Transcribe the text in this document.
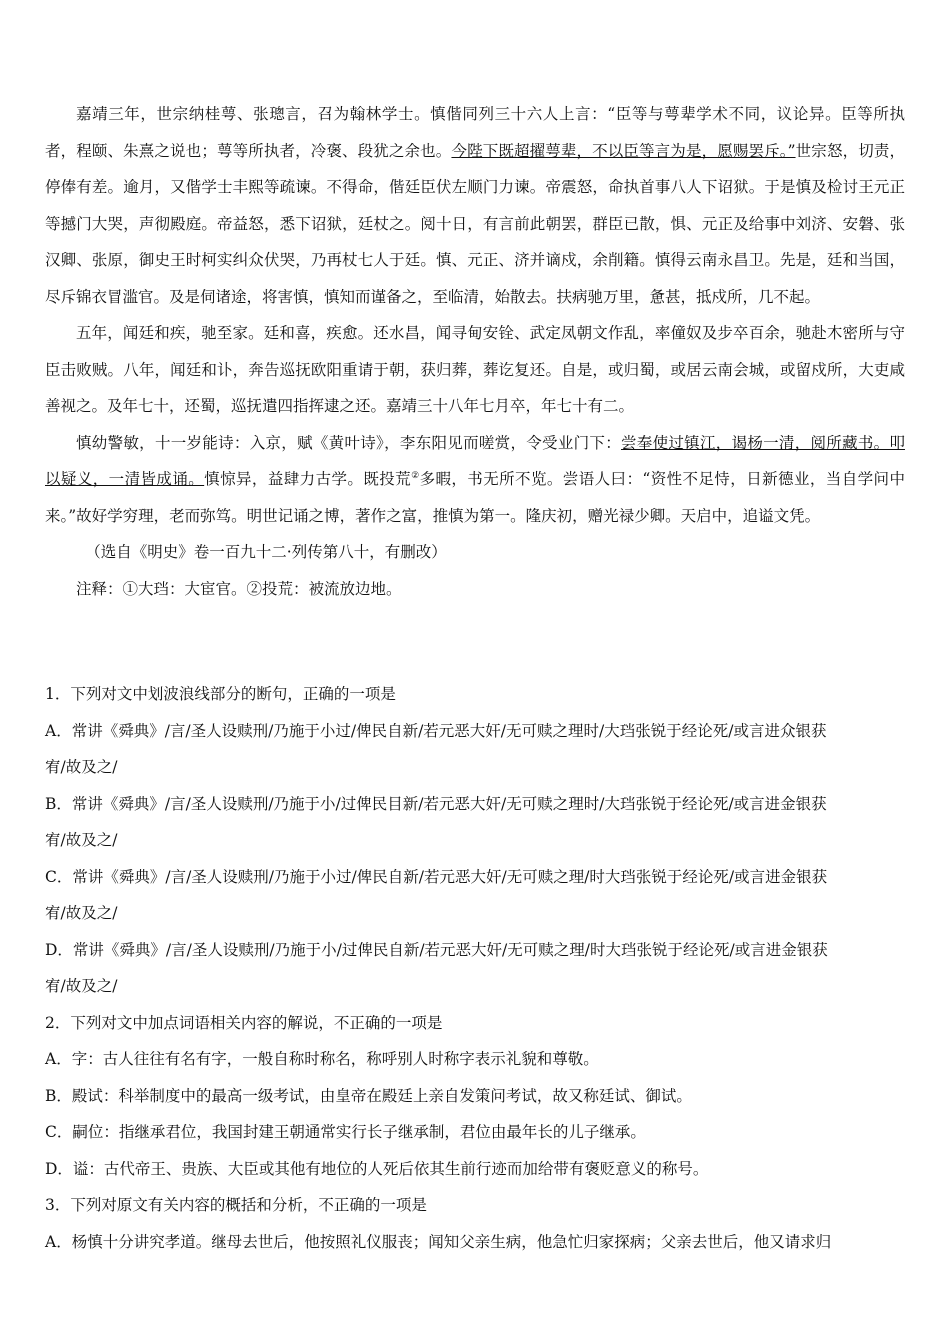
嘉靖三年，世宗纳桂萼、张璁言，召为翰林学士。慎偕同列三十六人上言：“臣等与萼辈学术不同，议论异。臣等所执者，程颐、朱熹之说也；萼等所执者，冷褒、段犹之余也。今陛下既超擢萼辈，不以臣等言为是，愿赐罢斥。”世宗怒，切责，停俸有差。逾月，又偕学士丰熙等疏谏。不得命，偕廷臣伏左顺门力谏。帝震怒，命执首事八人下诏狱。于是慎及检讨王元正等撼门大哭，声彻殿庭。帝益怒，悉下诏狱，廷杖之。阅十日，有言前此朝罢，群臣已散，惧、元正及给事中刘济、安磐、张汉卿、张原，御史王时柯实纠众伏哭，乃再杖七人于廷。慎、元正、济并谪戍，余削籍。慎得云南永昌卫。先是，廷和当国，尽斥锦衣冒滥官。及是伺诸途，将害慎，慎知而谨备之，至临清，始散去。扶病驰万里，惫甚，抵戍所，几不起。

五年，闻廷和疾，驰至家。廷和喜，疾愈。还水昌，闻寻甸安铨、武定凤朝文作乱，率僮奴及步卒百余，驰赴木密所与守臣击败贼。八年，闻廷和讣，奔告巡抚欧阳重请于朝，获归葬，葬讫复还。自是，或归蜀，或居云南会城，或留戍所，大吏咸善视之。及年七十，还蜀，巡抚遣四指挥逮之还。嘉靖三十八年七月卒，年七十有二。

慎幼警敏，十一岁能诗：入京，赋《黄叶诗》，李东阳见而嗟赏，令受业门下：尝奉使过镇江，谒杨一清，阅所藏书。叩以疑义，一清皆成诵。慎惊异，益肆力古学。既投荒②多暇，书无所不览。尝语人曰：“资性不足恃，日新德业，当自学问中来。”故好学穷理，老而弥笃。明世记诵之博，著作之富，推慎为第一。隆庆初，赠光禄少卿。天启中，追谥文凭。

（选自《明史》卷一百九十二·列传第八十，有删改）

注释：①大珰：大宦官。②投荒：被流放边地。

1．下列对文中划波浪线部分的断句，正确的一项是

A．常讲《舜典》/言/圣人设赎刑/乃施于小过/俾民自新/若元恶大奸/无可赎之理时/大珰张锐于经论死/或言进众银获
宥/故及之/

B．常讲《舜典》/言/圣人设赎刑/乃施于小/过俾民目新/若元恶大奸/无可赎之理时/大珰张锐于经论死/或言进金银获
宥/故及之/

C．常讲《舜典》/言/圣人设赎刑/乃施于小过/俾民自新/若元恶大奸/无可赎之理/时大珰张锐于经论死/或言进金银获
宥/故及之/

D．常讲《舜典》/言/圣人设赎刑/乃施于小/过俾民自新/若元恶大奸/无可赎之理/时大珰张锐于经论死/或言进金银获
宥/故及之/

2．下列对文中加点词语相关内容的解说，不正确的一项是

A．字：古人往往有名有字，一般自称时称名，称呼别人时称字表示礼貌和尊敬。

B．殿试：科举制度中的最高一级考试，由皇帝在殿廷上亲自发策问考试，故又称廷试、御试。

C．嗣位：指继承君位，我国封建王朝通常实行长子继承制，君位由最年长的儿子继承。

D．谥：古代帝王、贵族、大臣或其他有地位的人死后依其生前行迹而加给带有褒贬意义的称号。

3．下列对原文有关内容的概括和分析，不正确的一项是

A．杨慎十分讲究孝道。继母去世后，他按照礼仪服丧；闻知父亲生病，他急忙归家探病；父亲去世后，他又请求归
